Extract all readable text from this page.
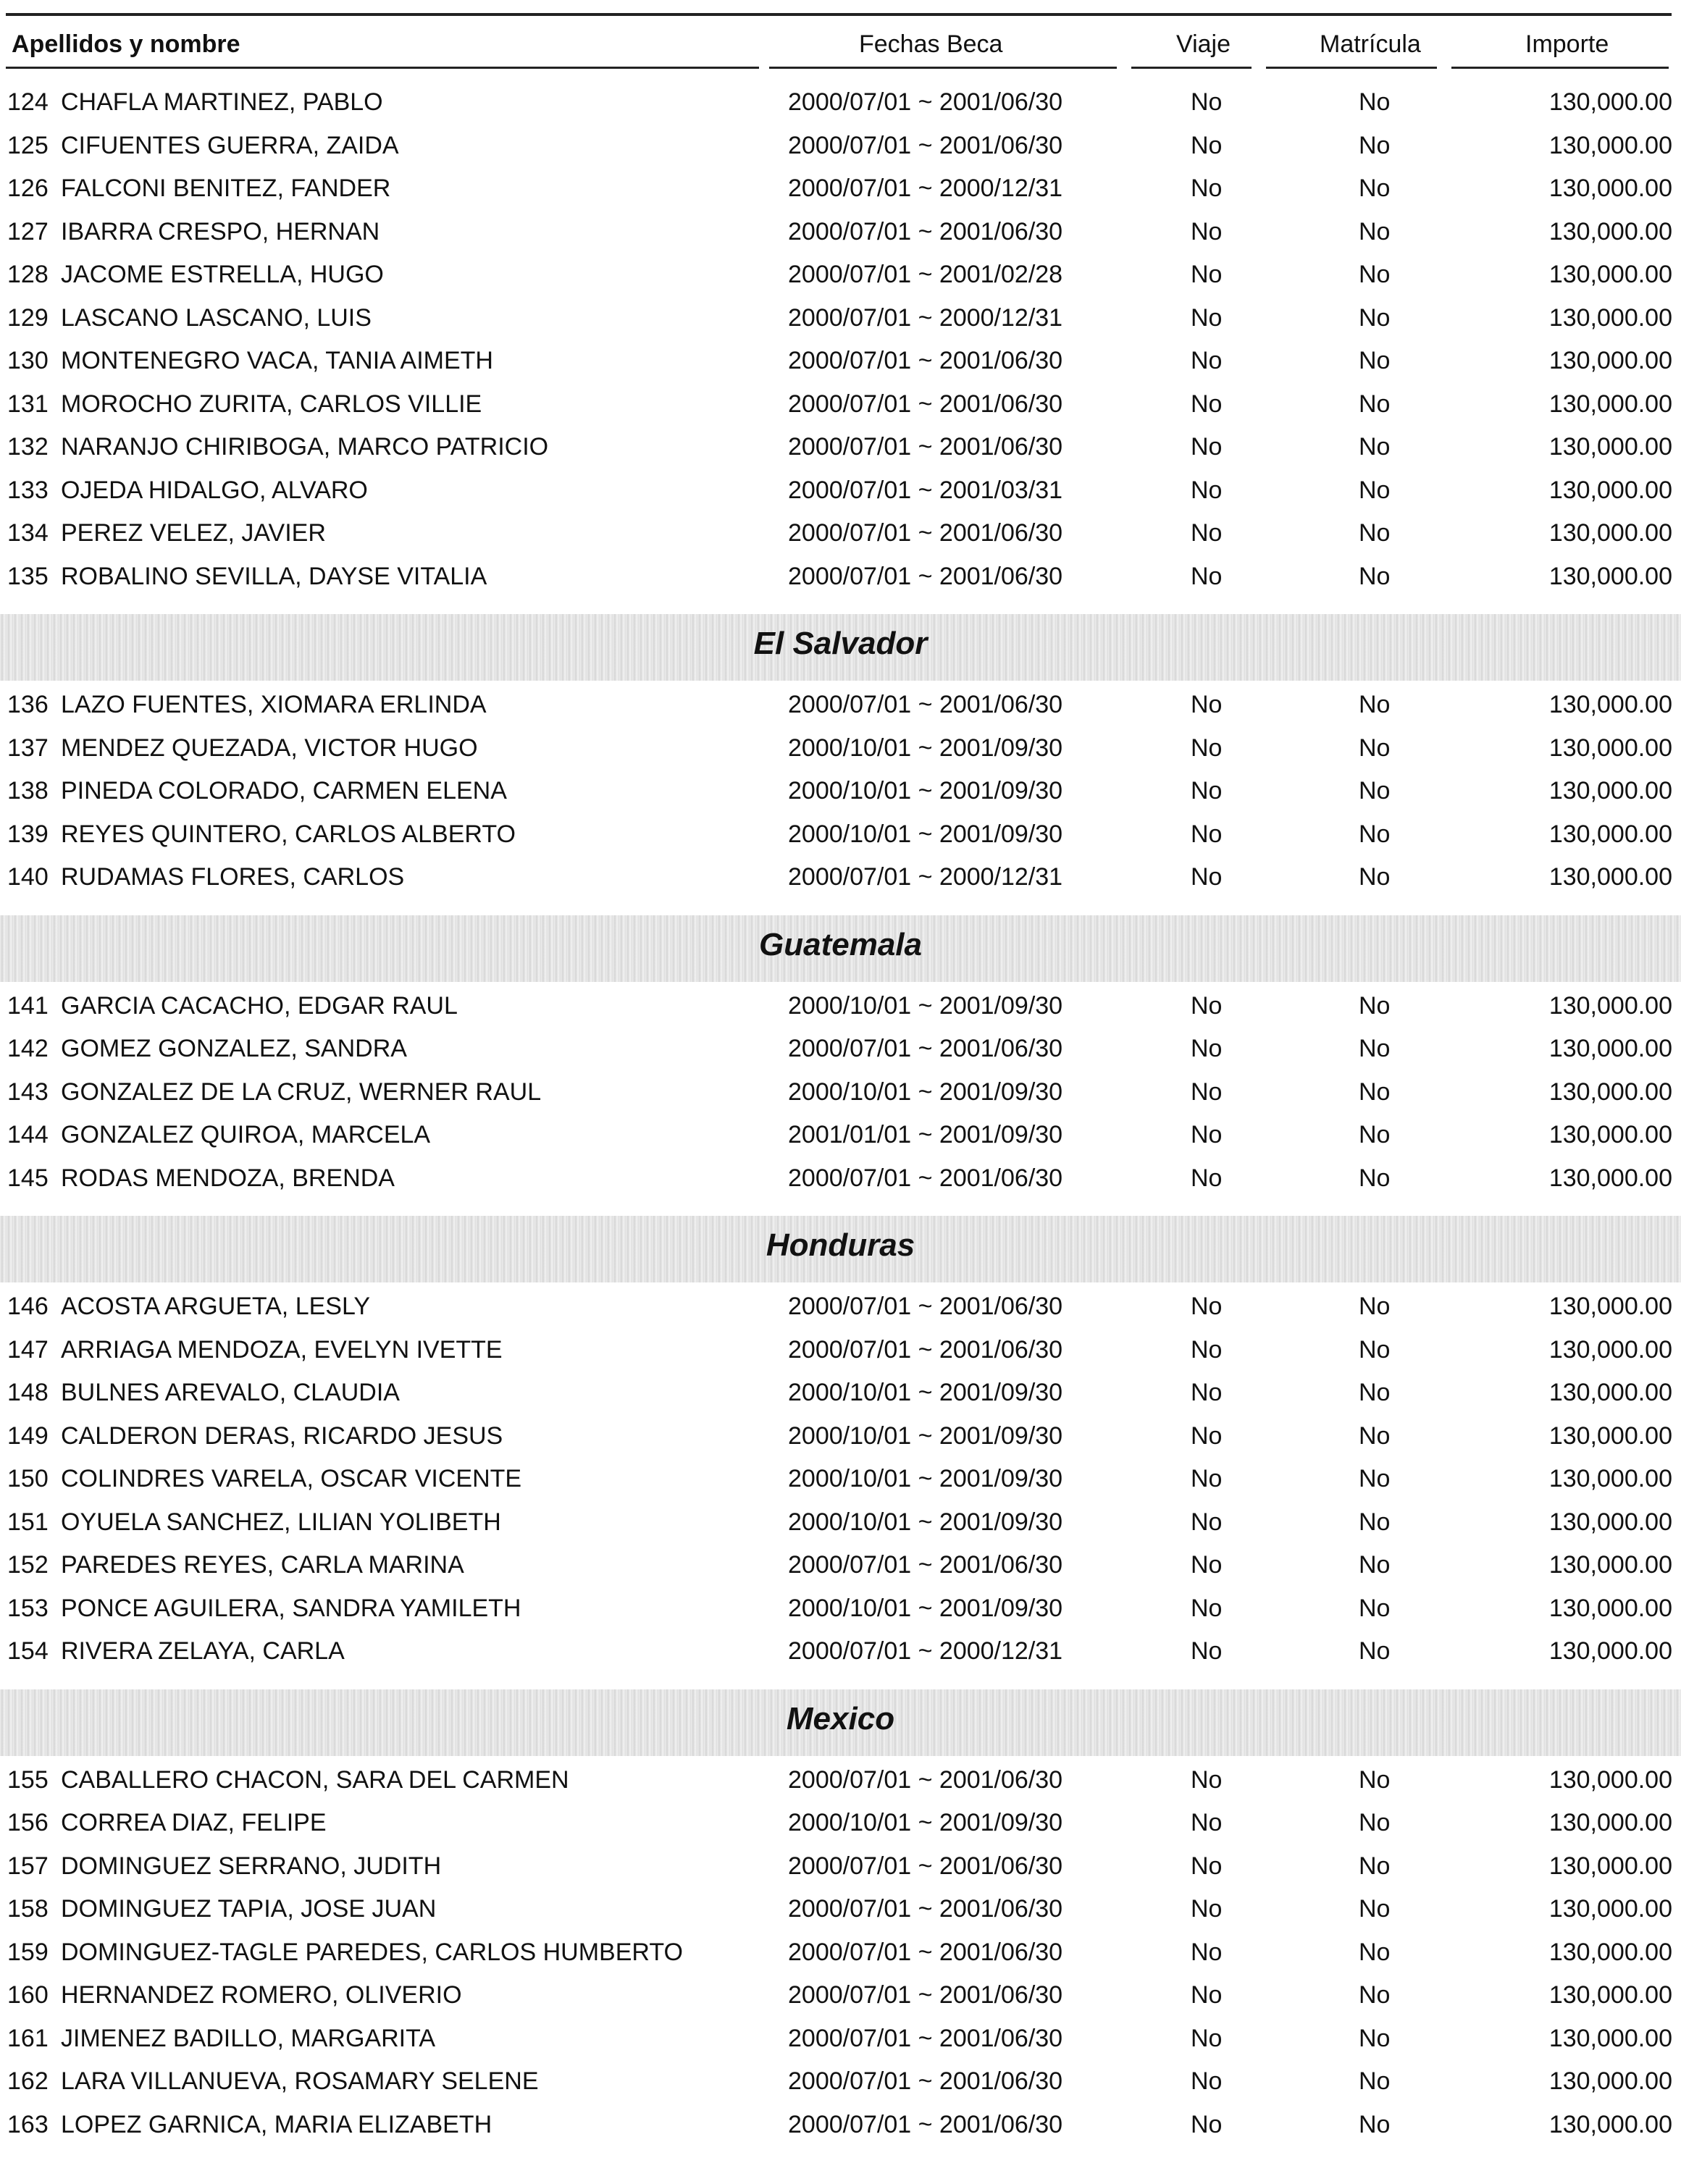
Apellidos y nombre	Fechas Beca	Viaje	Matrícula	Importe
124 CHAFLA MARTINEZ, PABLO	2000/07/01 ~ 2001/06/30	No	No	130,000.00
125 CIFUENTES GUERRA, ZAIDA	2000/07/01 ~ 2001/06/30	No	No	130,000.00
126 FALCONI BENITEZ, FANDER	2000/07/01 ~ 2000/12/31	No	No	130,000.00
127 IBARRA CRESPO, HERNAN	2000/07/01 ~ 2001/06/30	No	No	130,000.00
128 JACOME ESTRELLA, HUGO	2000/07/01 ~ 2001/02/28	No	No	130,000.00
129 LASCANO LASCANO, LUIS	2000/07/01 ~ 2000/12/31	No	No	130,000.00
130 MONTENEGRO VACA, TANIA AIMETH	2000/07/01 ~ 2001/06/30	No	No	130,000.00
131 MOROCHO ZURITA, CARLOS VILLIE	2000/07/01 ~ 2001/06/30	No	No	130,000.00
132 NARANJO CHIRIBOGA, MARCO PATRICIO	2000/07/01 ~ 2001/06/30	No	No	130,000.00
133 OJEDA HIDALGO, ALVARO	2000/07/01 ~ 2001/03/31	No	No	130,000.00
134 PEREZ VELEZ, JAVIER	2000/07/01 ~ 2001/06/30	No	No	130,000.00
135 ROBALINO SEVILLA, DAYSE VITALIA	2000/07/01 ~ 2001/06/30	No	No	130,000.00
El Salvador
136 LAZO FUENTES, XIOMARA ERLINDA	2000/07/01 ~ 2001/06/30	No	No	130,000.00
137 MENDEZ QUEZADA, VICTOR HUGO	2000/10/01 ~ 2001/09/30	No	No	130,000.00
138 PINEDA COLORADO, CARMEN ELENA	2000/10/01 ~ 2001/09/30	No	No	130,000.00
139 REYES QUINTERO, CARLOS ALBERTO	2000/10/01 ~ 2001/09/30	No	No	130,000.00
140 RUDAMAS FLORES, CARLOS	2000/07/01 ~ 2000/12/31	No	No	130,000.00
Guatemala
141 GARCIA CACACHO, EDGAR RAUL	2000/10/01 ~ 2001/09/30	No	No	130,000.00
142 GOMEZ GONZALEZ, SANDRA	2000/07/01 ~ 2001/06/30	No	No	130,000.00
143 GONZALEZ DE LA CRUZ, WERNER RAUL	2000/10/01 ~ 2001/09/30	No	No	130,000.00
144 GONZALEZ QUIROA, MARCELA	2001/01/01 ~ 2001/09/30	No	No	130,000.00
145 RODAS MENDOZA, BRENDA	2000/07/01 ~ 2001/06/30	No	No	130,000.00
Honduras
146 ACOSTA ARGUETA, LESLY	2000/07/01 ~ 2001/06/30	No	No	130,000.00
147 ARRIAGA MENDOZA, EVELYN IVETTE	2000/07/01 ~ 2001/06/30	No	No	130,000.00
148 BULNES AREVALO, CLAUDIA	2000/10/01 ~ 2001/09/30	No	No	130,000.00
149 CALDERON DERAS, RICARDO JESUS	2000/10/01 ~ 2001/09/30	No	No	130,000.00
150 COLINDRES VARELA, OSCAR VICENTE	2000/10/01 ~ 2001/09/30	No	No	130,000.00
151 OYUELA SANCHEZ, LILIAN YOLIBETH	2000/10/01 ~ 2001/09/30	No	No	130,000.00
152 PAREDES REYES, CARLA MARINA	2000/07/01 ~ 2001/06/30	No	No	130,000.00
153 PONCE AGUILERA, SANDRA YAMILETH	2000/10/01 ~ 2001/09/30	No	No	130,000.00
154 RIVERA ZELAYA, CARLA	2000/07/01 ~ 2000/12/31	No	No	130,000.00
Mexico
155 CABALLERO CHACON, SARA DEL CARMEN	2000/07/01 ~ 2001/06/30	No	No	130,000.00
156 CORREA DIAZ, FELIPE	2000/10/01 ~ 2001/09/30	No	No	130,000.00
157 DOMINGUEZ SERRANO, JUDITH	2000/07/01 ~ 2001/06/30	No	No	130,000.00
158 DOMINGUEZ TAPIA, JOSE JUAN	2000/07/01 ~ 2001/06/30	No	No	130,000.00
159 DOMINGUEZ-TAGLE PAREDES, CARLOS HUMBERTO	2000/07/01 ~ 2001/06/30	No	No	130,000.00
160 HERNANDEZ ROMERO, OLIVERIO	2000/07/01 ~ 2001/06/30	No	No	130,000.00
161 JIMENEZ BADILLO, MARGARITA	2000/07/01 ~ 2001/06/30	No	No	130,000.00
162 LARA VILLANUEVA, ROSAMARY SELENE	2000/07/01 ~ 2001/06/30	No	No	130,000.00
163 LOPEZ GARNICA, MARIA ELIZABETH	2000/07/01 ~ 2001/06/30	No	No	130,000.00
